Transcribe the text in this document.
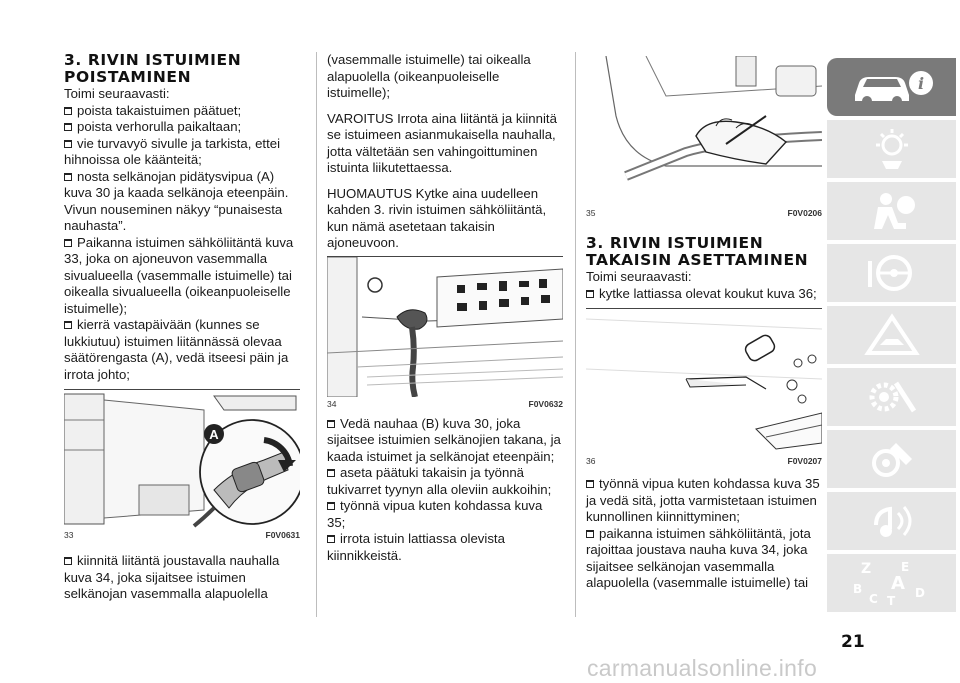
3. RIVIN ISTUIMIEN POISTAMINEN

Toimi seuraavasti:

poista takaistuimen päätuet;

poista verhorulla paikaltaan;

vie turvavyö sivulle ja tarkista, ettei hihnoissa ole käänteitä;

nosta selkänojan pidätysvipua (A) kuva 30 ja kaada selkänoja eteenpäin. Vivun nouseminen näkyy “punaisesta nauhasta”.

Paikanna istuimen sähköliitäntä kuva 33, joka on ajoneuvon vasemmalla sivualueella (vasemmalle istuimelle) tai oikealla sivualueella (oikeanpuoleiselle istuimelle);

kierrä vastapäivään (kunnes se lukkiutuu) istuimen liitännässä olevaa säätörengasta (A), vedä itseesi päin ja irrota johto;

A
33	F0V0631

kiinnitä liitäntä joustavalla nauhalla kuva 34, joka sijaitsee istuimen selkänojan vasemmalla alapuolella

(vasemmalle istuimelle) tai oikealla alapuolella (oikeanpuoleiselle istuimelle);

VAROITUS Irrota aina liitäntä ja kiinnitä se istuimeen asianmukaisella nauhalla, jotta vältetään sen vahingoittuminen istuinta liikutettaessa.

HUOMAUTUS Kytke aina uudelleen kahden 3. rivin istuimen sähköliitäntä, kun nämä asetetaan takaisin ajoneuvoon.

34	F0V0632

Vedä nauhaa (B) kuva 30, joka sijaitsee istuimien selkänojien takana, ja kaada istuimet ja selkänojat eteenpäin;

aseta päätuki takaisin ja työnnä tukivarret tyynyn alla oleviin aukkoihin;

työnnä vipua kuten kohdassa kuva 35;

irrota istuin lattiassa olevista kiinnikkeistä.

35	F0V0206
3. RIVIN ISTUIMIEN TAKAISIN ASETTAMINEN

Toimi seuraavasti:

kytke lattiassa olevat koukut kuva 36;

36	F0V0207

työnnä vipua kuten kohdassa kuva 35 ja vedä sitä, jotta varmistetaan istuimen kunnollinen kiinnittyminen;

paikanna istuimen sähköliitäntä, jota rajoittaa joustava nauha kuva 34, joka sijaitsee selkänojan vasemmalla alapuolella (vasemmalle istuimelle) tai

i
Z E
A
B
C	D
T
21
carmanualsonline.info
